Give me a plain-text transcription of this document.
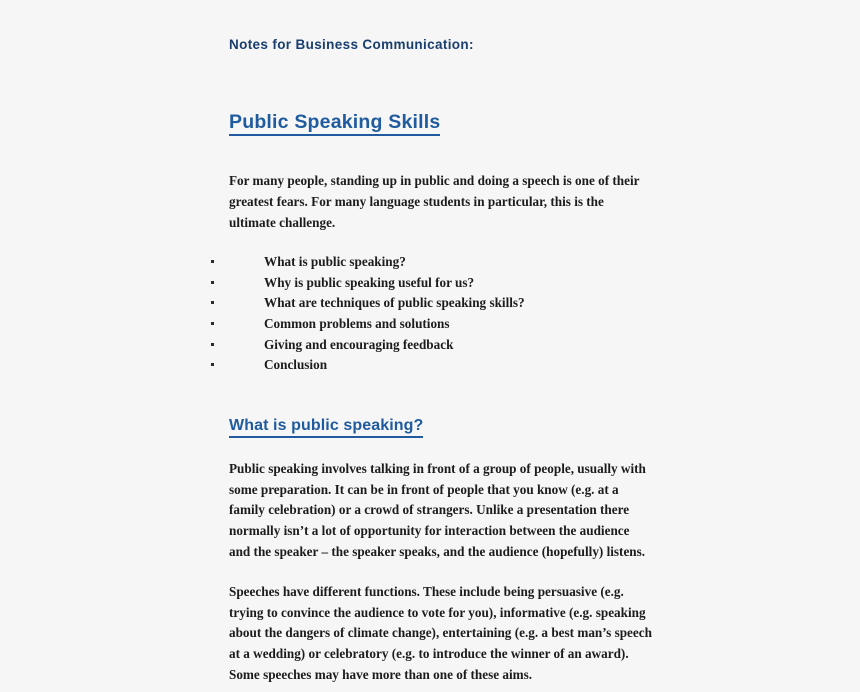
Notes for Business Communication:
Public Speaking Skills

For many people, standing up in public and doing a speech is one of their greatest fears. For many language students in particular, this is the ultimate challenge.

What is public speaking?
Why is public speaking useful for us?
What are techniques of public speaking skills?
Common problems and solutions
Giving and encouraging feedback
Conclusion
What is public speaking?

Public speaking involves talking in front of a group of people, usually with some preparation. It can be in front of people that you know (e.g. at a family celebration) or a crowd of strangers. Unlike a presentation there normally isn’t a lot of opportunity for interaction between the audience and the speaker – the speaker speaks, and the audience (hopefully) listens.

Speeches have different functions. These include being persuasive (e.g. trying to convince the audience to vote for you), informative (e.g. speaking about the dangers of climate change), entertaining (e.g. a best man’s speech at a wedding) or celebratory (e.g. to introduce the winner of an award). Some speeches may have more than one of these aims.
